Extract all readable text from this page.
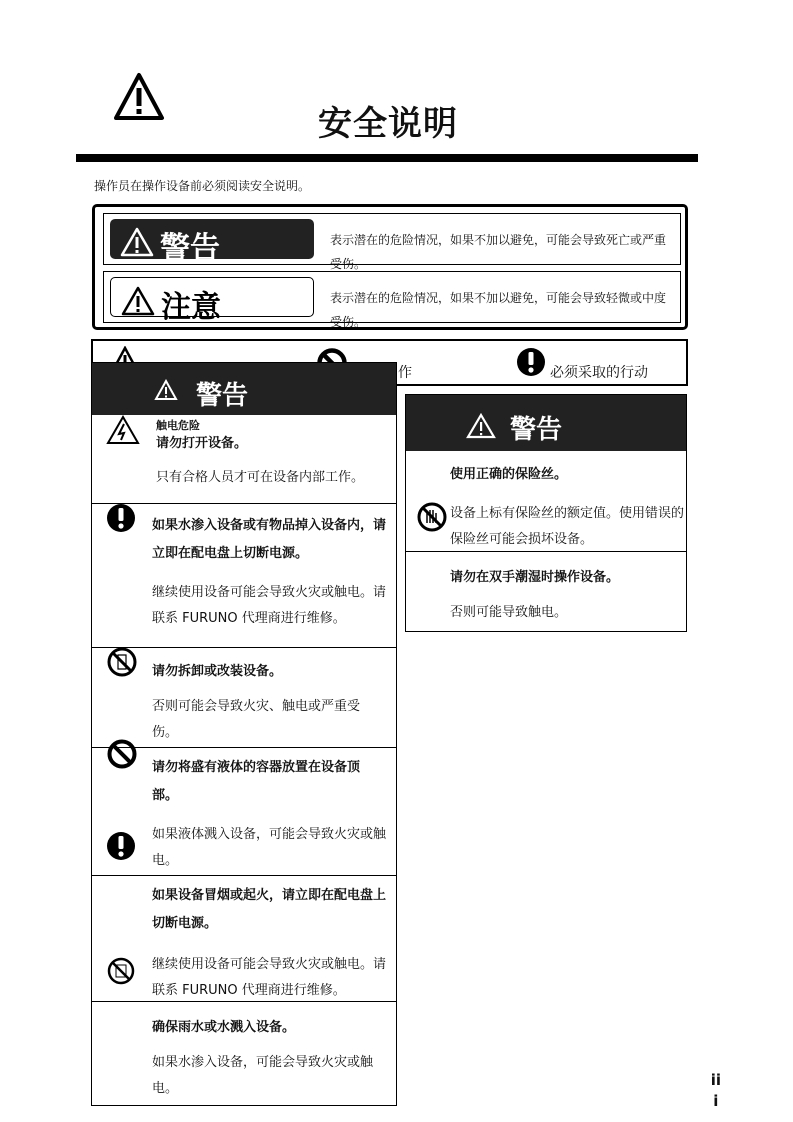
安全说明
操作员在操作设备前必须阅读安全说明。
警告	表示潜在的危险情况，如果不加以避免，可能会导致死亡或严重受伤。
注意	表示潜在的危险情况，如果不加以避免，可能会导致轻微或中度受伤。
作	必须采取的行动
警告
触电危险
请勿打开设备。
只有合格人员才可在设备内部工作。
如果水渗入设备或有物品掉入设备内，请立即在配电盘上切断电源。
继续使用设备可能会导致火灾或触电。请联系 FURUNO 代理商进行维修。
请勿拆卸或改装设备。
否则可能会导致火灾、触电或严重受伤。
请勿将盛有液体的容器放置在设备顶部。
如果液体溅入设备，可能会导致火灾或触电。
如果设备冒烟或起火，请立即在配电盘上切断电源。
继续使用设备可能会导致火灾或触电。请联系 FURUNO 代理商进行维修。
确保雨水或水溅入设备。
如果水渗入设备，可能会导致火灾或触电。
警告
使用正确的保险丝。
设备上标有保险丝的额定值。使用错误的保险丝可能会损坏设备。
请勿在双手潮湿时操作设备。
否则可能导致触电。
ii
i
